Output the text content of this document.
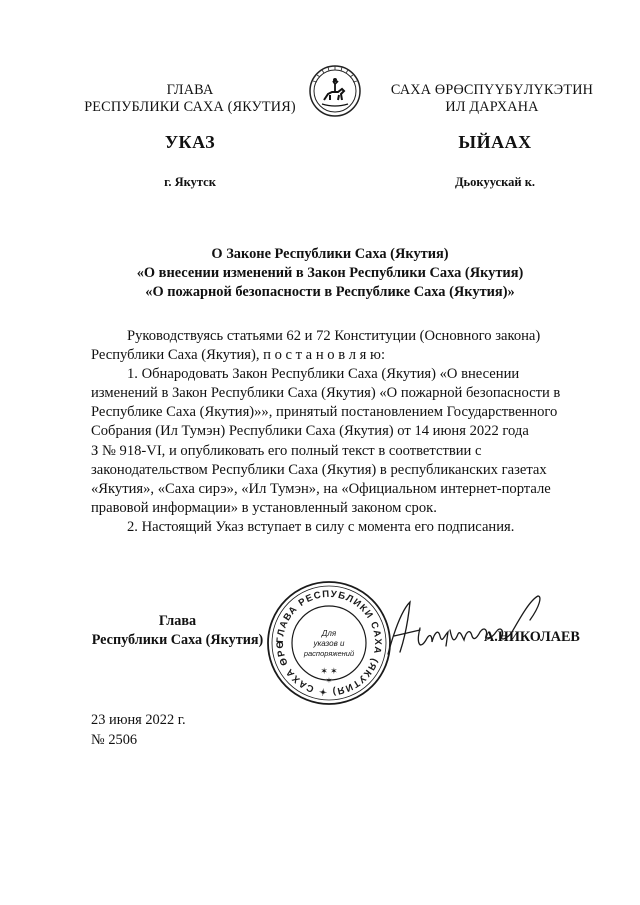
ГЛАВА
РЕСПУБЛИКИ САХА (ЯКУТИЯ)
САХА ӨРӨСПҮҮБҮЛҮКЭТИН
ИЛ ДАРХАНА
УКАЗ	ЫЙААХ
г. Якутск	Дьокуускай к.
О Законе Республики Саха (Якутия)
«О внесении изменений в Закон Республики Саха (Якутия)
«О пожарной безопасности в Республике Саха (Якутия)»

Руководствуясь статьями 62 и 72 Конституции (Основного закона)

Республики Саха (Якутия), п о с т а н о в л я ю:

1. Обнародовать Закон Республики Саха (Якутия) «О внесении

изменений в Закон Республики Саха (Якутия) «О пожарной безопасности в

Республике Саха (Якутия)»», принятый постановлением Государственного

Собрания (Ил Тумэн) Республики Саха (Якутия) от 14 июня 2022 года

З № 918-VI, и опубликовать его полный текст в соответствии с

законодательством Республики Саха (Якутия) в республиканских газетах

«Якутия», «Саха сирэ», «Ил Тумэн», на «Официальном интернет-портале

правовой информации» в установленный законом срок.

2. Настоящий Указ вступает в силу с момента его подписания.

Глава
Республики Саха (Якутия)	ГЛАВА РЕСПУБЛИКИ САХА (ЯКУТИЯ) ✦ САХА ӨРӨ
Для
указов и
распоряжений
✶ ✶
✶
А.НИКОЛАЕВ
23 июня 2022 г.
№ 2506
